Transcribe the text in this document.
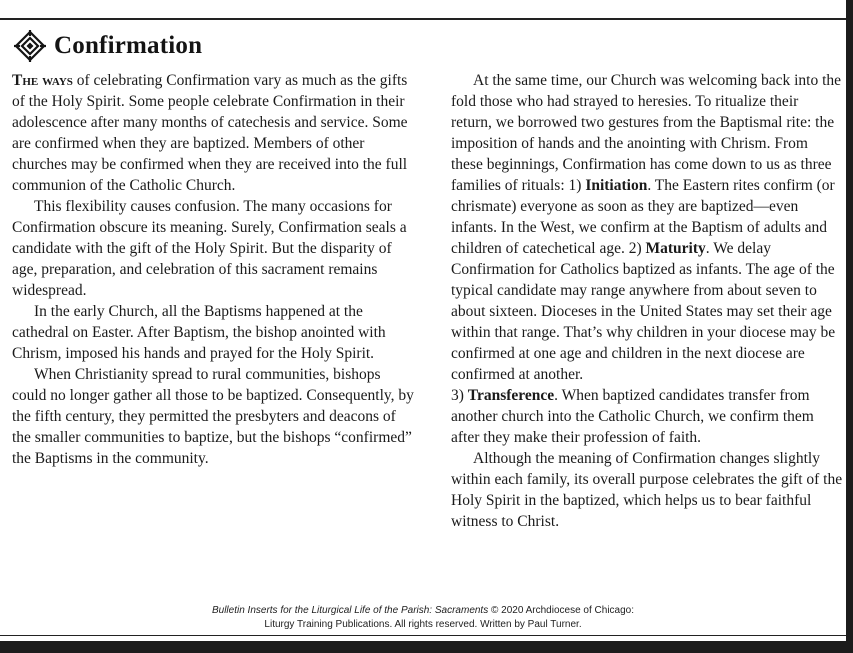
Confirmation

The ways of celebrating Confirmation vary as much as the gifts of the Holy Spirit. Some people celebrate Confirmation in their adolescence after many months of catechesis and service. Some are confirmed when they are baptized. Members of other churches may be confirmed when they are received into the full communion of the Catholic Church.

This flexibility causes confusion. The many occasions for Confirmation obscure its meaning. Surely, Confirmation seals a candidate with the gift of the Holy Spirit. But the disparity of age, preparation, and celebration of this sacrament remains widespread.

In the early Church, all the Baptisms happened at the cathedral on Easter. After Baptism, the bishop anointed with Chrism, imposed his hands and prayed for the Holy Spirit.

When Christianity spread to rural communities, bishops could no longer gather all those to be baptized. Consequently, by the fifth century, they permitted the presbyters and deacons of the smaller communities to baptize, but the bishops “confirmed” the Baptisms in the community.

At the same time, our Church was welcoming back into the fold those who had strayed to heresies. To ritualize their return, we borrowed two gestures from the Baptismal rite: the imposition of hands and the anointing with Chrism. From these beginnings, Confirmation has come down to us as three families of rituals: 1) Initiation. The Eastern rites confirm (or chrismate) everyone as soon as they are baptized—even infants. In the West, we confirm at the Baptism of adults and children of catechetical age. 2) Maturity. We delay Confirmation for Catholics baptized as infants. The age of the typical candidate may range anywhere from about seven to about sixteen. Dioceses in the United States may set their age within that range. That’s why children in your diocese may be confirmed at one age and children in the next diocese are confirmed at another.

3) Transference. When baptized candidates transfer from another church into the Catholic Church, we confirm them after they make their profession of faith.

Although the meaning of Confirmation changes slightly within each family, its overall purpose celebrates the gift of the Holy Spirit in the baptized, which helps us to bear faithful witness to Christ.

Bulletin Inserts for the Liturgical Life of the Parish: Sacraments © 2020 Archdiocese of Chicago:
Liturgy Training Publications. All rights reserved. Written by Paul Turner.
